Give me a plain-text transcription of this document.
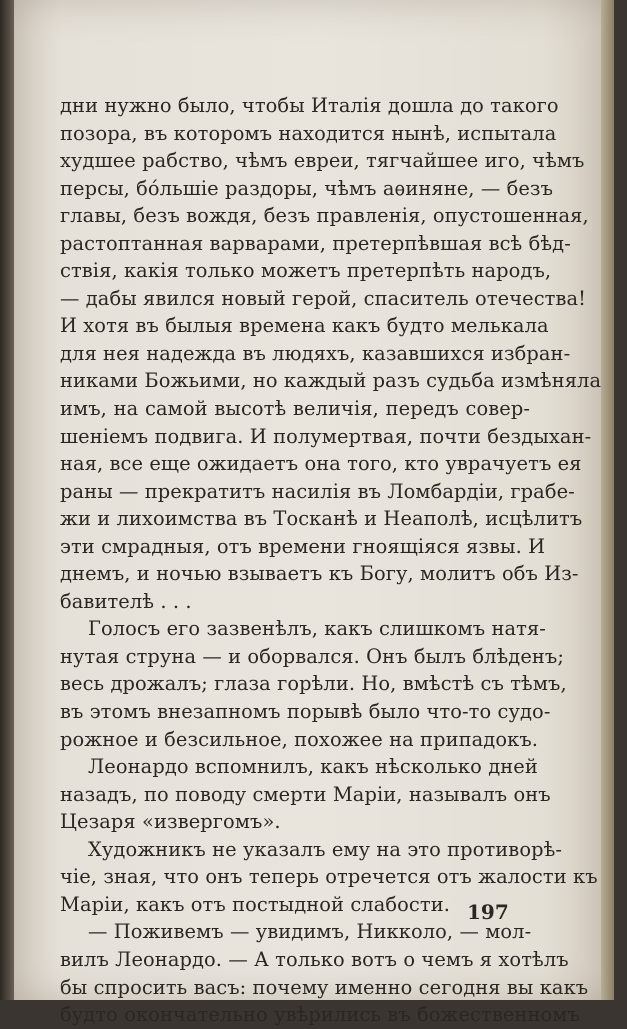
дни нужно было, чтобы Италія дошла до такого
позора, въ которомъ находится нынѣ, испытала
худшее рабство, чѣмъ евреи, тягчайшее иго, чѣмъ
персы, бо́льшіе раздоры, чѣмъ аѳиняне, — безъ
главы, безъ вождя, безъ правленія, опустошенная,
растоптанная варварами, претерпѣвшая всѣ бѣд-
ствія, какія только можетъ претерпѣть народъ,
— дабы явился новый герой, спаситель отечества!
И хотя въ былыя времена какъ будто мелькала
для нея надежда въ людяхъ, казавшихся избран-
никами Божьими, но каждый разъ судьба измѣняла
имъ, на самой высотѣ величія, передъ совер-
шеніемъ подвига. И полумертвая, почти бездыхан-
ная, все еще ожидаетъ она того, кто уврачуетъ ея
раны — прекратитъ насилія въ Ломбардіи, грабе-
жи и лихоимства въ Тосканѣ и Неаполѣ, исцѣлитъ
эти смрадныя, отъ времени гноящіяся язвы. И
днемъ, и ночью взываетъ къ Богу, молитъ объ Из-
бавителѣ . . .
Голосъ его зазвенѣлъ, какъ слишкомъ натя-
нутая струна — и оборвался. Онъ былъ блѣденъ;
весь дрожалъ; глаза горѣли. Но, вмѣстѣ съ тѣмъ,
въ этомъ внезапномъ порывѣ было что-то судо-
рожное и безсильное, похожее на припадокъ.
Леонардо вспомнилъ, какъ нѣсколько дней
назадъ, по поводу смерти Маріи, называлъ онъ
Цезаря «извергомъ».
Художникъ не указалъ ему на это противорѣ-
чіе, зная, что онъ теперь отречется отъ жалости къ
Маріи, какъ отъ постыдной слабости.
— Поживемъ — увидимъ, Никколо, — мол-
вилъ Леонардо. — А только вотъ о чемъ я хотѣлъ
бы спросить васъ: почему именно сегодня вы какъ
будто окончательно увѣрились въ божественномъ
197
